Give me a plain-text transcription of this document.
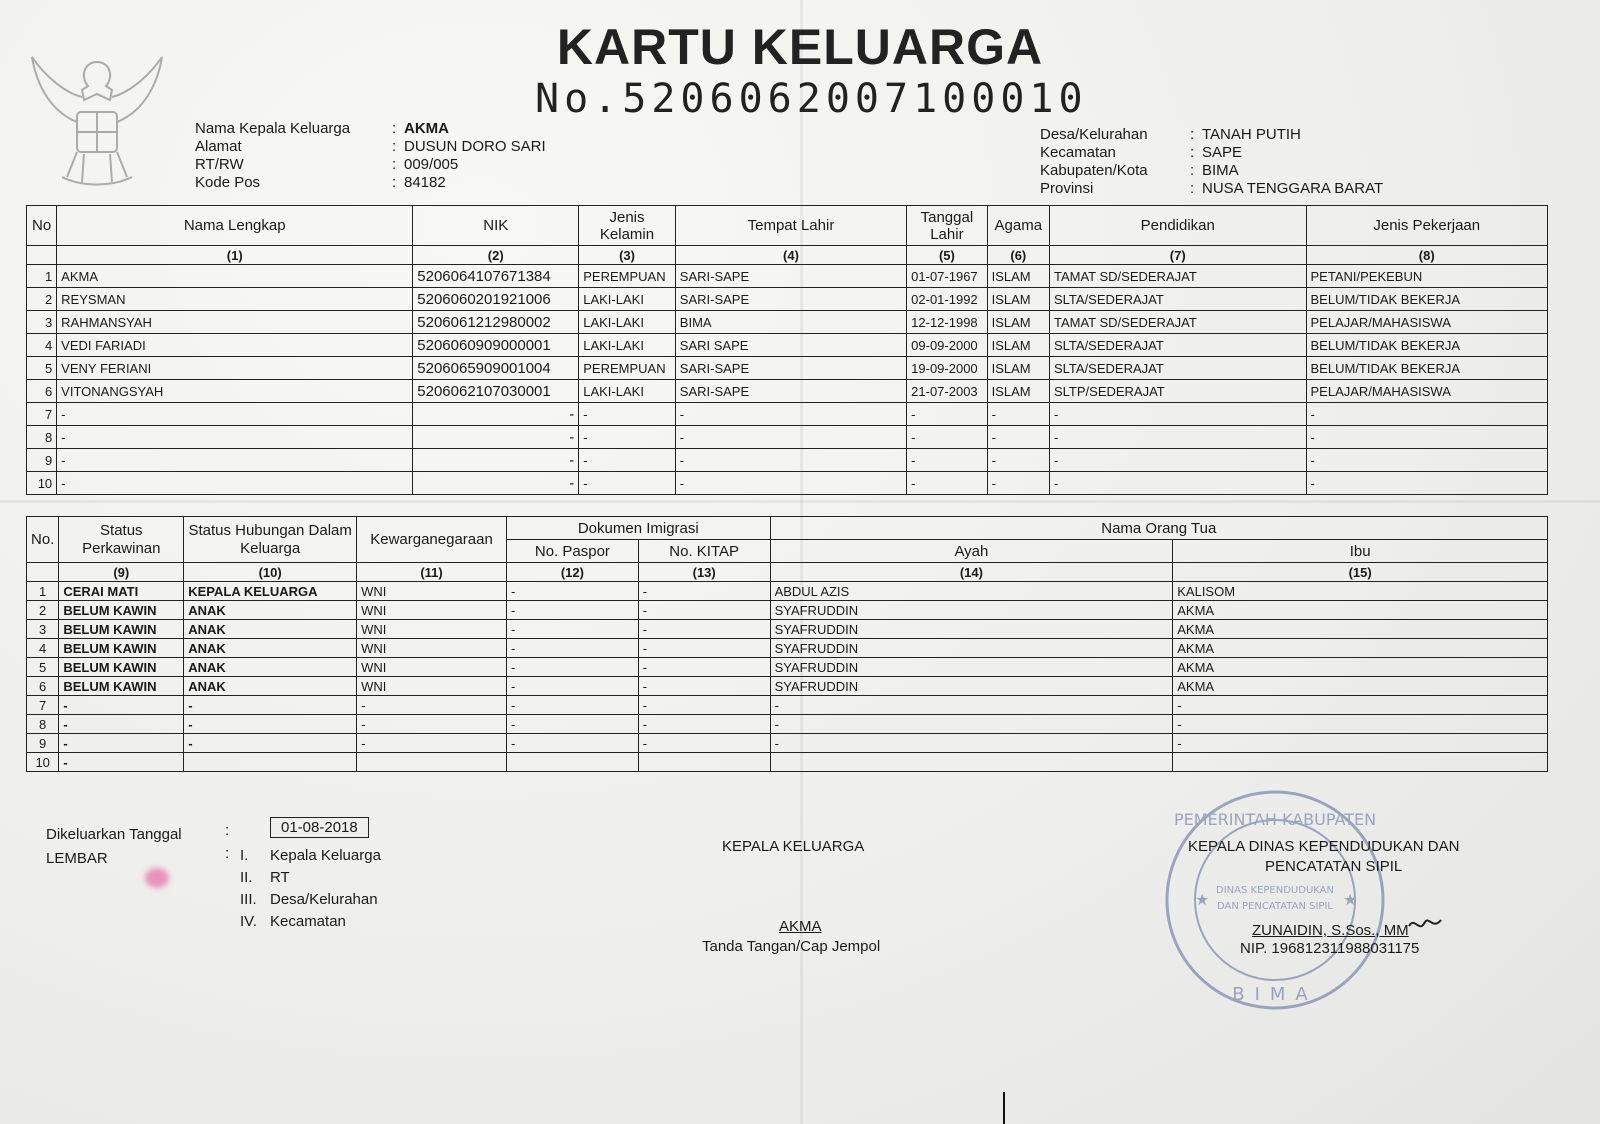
KARTU KELUARGA
No.5206062007100010
Nama Kepala Keluarga	: AKMA
Alamat	: DUSUN DORO SARI
RT/RW	: 009/005
Kode Pos	: 84182
Desa/Kelurahan	: TANAH PUTIH
Kecamatan	: SAPE
Kabupaten/Kota	: BIMA
Provinsi	: NUSA TENGGARA BARAT
No	Nama Lengkap	NIK	Jenis Kelamin	Tempat Lahir	Tanggal Lahir	Agama	Pendidikan	Jenis Pekerjaan
	(1)	(2)	(3)	(4)	(5)	(6)	(7)	(8)
1	AKMA	5206064107671384	PEREMPUAN	SARI-SAPE	01-07-1967	ISLAM	TAMAT SD/SEDERAJAT	PETANI/PEKEBUN
2	REYSMAN	5206060201921006	LAKI-LAKI	SARI-SAPE	02-01-1992	ISLAM	SLTA/SEDERAJAT	BELUM/TIDAK BEKERJA
3	RAHMANSYAH	5206061212980002	LAKI-LAKI	BIMA	12-12-1998	ISLAM	TAMAT SD/SEDERAJAT	PELAJAR/MAHASISWA
4	VEDI FARIADI	5206060909000001	LAKI-LAKI	SARI SAPE	09-09-2000	ISLAM	SLTA/SEDERAJAT	BELUM/TIDAK BEKERJA
5	VENY FERIANI	5206065909001004	PEREMPUAN	SARI-SAPE	19-09-2000	ISLAM	SLTA/SEDERAJAT	BELUM/TIDAK BEKERJA
6	VITONANGSYAH	5206062107030001	LAKI-LAKI	SARI-SAPE	21-07-2003	ISLAM	SLTP/SEDERAJAT	PELAJAR/MAHASISWA
7	-	-	-	-	-	-	-	-
8	-	-	-	-	-	-	-	-
9	-	-	-	-	-	-	-	-
10	-	-	-	-	-	-	-	-
No.	Status Perkawinan	Status Hubungan Dalam Keluarga	Kewarganegaraan	Dokumen Imigrasi		Nama Orang Tua	
				No. Paspor	No. KITAP	Ayah	Ibu
	(9)	(10)	(11)	(12)	(13)	(14)	(15)
1	CERAI MATI	KEPALA KELUARGA	WNI	-	-	ABDUL AZIS	KALISOM
2	BELUM KAWIN	ANAK	WNI	-	-	SYAFRUDDIN	AKMA
3	BELUM KAWIN	ANAK	WNI	-	-	SYAFRUDDIN	AKMA
4	BELUM KAWIN	ANAK	WNI	-	-	SYAFRUDDIN	AKMA
5	BELUM KAWIN	ANAK	WNI	-	-	SYAFRUDDIN	AKMA
6	BELUM KAWIN	ANAK	WNI	-	-	SYAFRUDDIN	AKMA
7	-	-	-	-	-	-	-
8	-	-	-	-	-	-	-
9	-	-	-	-	-	-	-
10	-						
Dikeluarkan Tanggal	:	01-08-2018
LEMBAR	: I. Kepala Keluarga
II. RT
III. Desa/Kelurahan
IV. Kecamatan
KEPALA KELUARGA
AKMA
Tanda Tangan/Cap Jempol
PEMERINTAH KABUPATEN
BIMA
DINAS KEPENDUDUKAN
DAN PENCATATAN SIPIL
★	★
KEPALA DINAS KEPENDUDUKAN DAN
PENCATATAN SIPIL
ZUNAIDIN, S.Sos., MM
NIP. 196812311988031175
